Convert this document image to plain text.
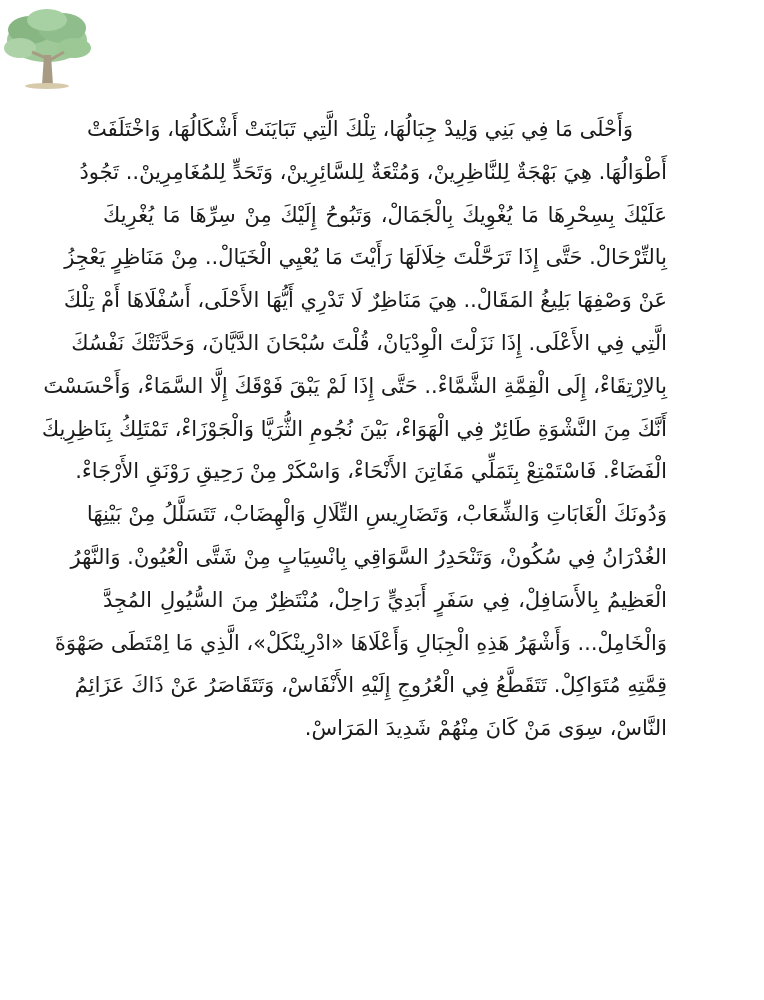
وَأَحْلَى مَا فِي بَنِي وَلِيدْ جِبَالُهَا، تِلْكَ الَّتِي تَبَايَنَتْ أَشْكَالُهَا، وَاخْتَلَفَتْ
أَطْوَالُهَا. هِيَ بَهْجَةٌ لِلنَّاظِرِينْ، وَمُتْعَةٌ لِلسَّائِرِينْ، وَتَحَدٍّ لِلمُغَامِرِينْ.. تَجُودُ
عَلَيْكَ بِسِحْرِهَا مَا يُغْوِيكَ بِالْجَمَالْ، وَتَبُوحُ إِلَيْكَ مِنْ سِرِّهَا مَا يُغْرِيكَ
بِالتِّرْحَالْ. حَتَّى إِذَا تَرَحَّلْتَ خِلَالَهَا رَأَيْتَ مَا يُعْيِي الْخَيَالْ.. مِنْ مَنَاظِرٍ يَعْجِزُ
عَنْ وَصْفِهَا بَلِيغُ المَقَالْ.. هِيَ مَنَاظِرٌ لَا تَدْرِي أَيُّهَا الأَحْلَى، أَسُفْلَاهَا أَمْ تِلْكَ
الَّتِي فِي الأَعْلَى. إِذَا نَزَلْتَ الْوِدْيَانْ، قُلْتَ سُبْحَانَ الدَّيَّانَ، وَحَدَّثَتْكَ نَفْسُكَ
بِالاِرْتِقَاءْ، إِلَى الْقِمَّةِ الشَّمَّاءْ.. حَتَّى إِذَا لَمْ يَبْقَ فَوْقَكَ إِلَّا السَّمَاءْ، وَأَحْسَسْتَ
أَنَّكَ مِنَ النَّشْوَةِ طَائِرٌ فِي الْهَوَاءْ، بَيْنَ نُجُومِ الثُّرَيَّا وَالْجَوْزَاءْ، تَمْتَلِكُ بِنَاظِرِيكَ
الْفَضَاءْ. فَاسْتَمْتِعْ بِتَمَلِّي مَفَاتِنَ الأَنْحَاءْ، وَاسْكَرْ مِنْ رَحِيقِ رَوْنَقِ الأَرْجَاءْ.
وَدُونَكَ الْغَابَاتِ وَالشِّعَابْ، وَتَضَارِيسِ التِّلَالِ وَالْهِضَابْ، تَتَسَلَّلُ مِنْ بَيْنِهَا
الغُدْرَانُ فِي سُكُونْ، وَتَنْحَدِرُ السَّوَاقِي بِانْسِيَابٍ مِنْ شَتَّى الْعُيُونْ. وَالنَّهْرُ
الْعَظِيمُ بِالأَسَافِلْ، فِي سَفَرٍ أَبَدِيٍّ رَاحِلْ، مُنْتَظِرٌ مِنَ السُّيُولِ المُجِدَّ
وَالْخَامِلْ... وَأَشْهَرُ هَذِهِ الْجِبَالِ وَأَعْلَاهَا «ادْرِينْكَلْ»، الَّذِي مَا اِمْتَطَى صَهْوَةَ
قِمَّتِهِ مُتَوَاكِلْ. تَتَقَطَّعُ فِي الْعُرُوجِ إِلَيْهِ الأَنْفَاسْ، وَتَتَقَاصَرُ عَنْ ذَاكَ عَزَائِمُ
النَّاسْ، سِوَى مَنْ كَانَ مِنْهُمْ شَدِيدَ المَرَاسْ.
